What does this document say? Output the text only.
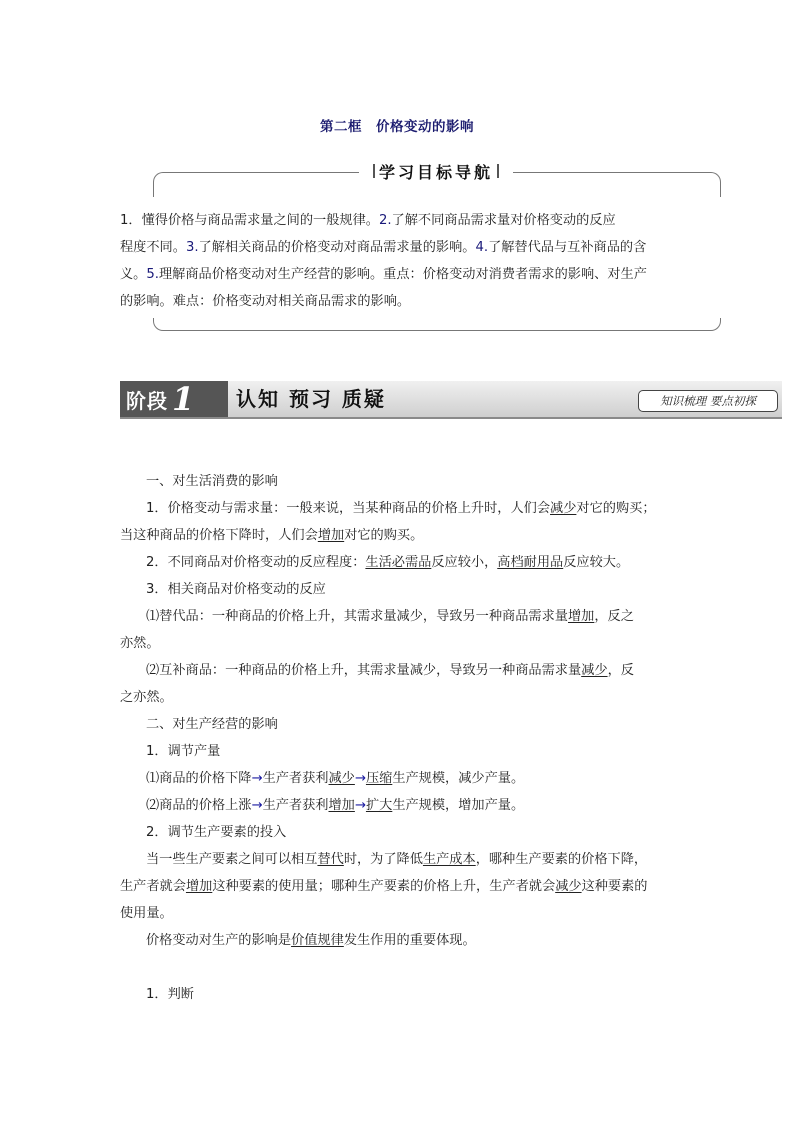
第二框　价格变动的影响
学习目标导航

1．懂得价格与商品需求量之间的一般规律。2.了解不同商品需求量对价格变动的反应

程度不同。3.了解相关商品的价格变动对商品需求量的影响。4.了解替代品与互补商品的含

义。5.理解商品价格变动对生产经营的影响。重点：价格变动对消费者需求的影响、对生产

的影响。难点：价格变动对相关商品需求的影响。

阶段 1 认知 预习 质疑	知识梳理 要点初探
一、对生活消费的影响
1．价格变动与需求量：一般来说，当某种商品的价格上升时，人们会减少对它的购买；
当这种商品的价格下降时，人们会增加对它的购买。
2．不同商品对价格变动的反应程度：生活必需品反应较小，高档耐用品反应较大。
3．相关商品对价格变动的反应
⑴替代品：一种商品的价格上升，其需求量减少，导致另一种商品需求量增加，反之
亦然。
⑵互补商品：一种商品的价格上升，其需求量减少，导致另一种商品需求量减少，反
之亦然。
二、对生产经营的影响
1．调节产量
⑴商品的价格下降→生产者获利减少→压缩生产规模，减少产量。
⑵商品的价格上涨→生产者获利增加→扩大生产规模，增加产量。
2．调节生产要素的投入
当一些生产要素之间可以相互替代时，为了降低生产成本，哪种生产要素的价格下降，
生产者就会增加这种要素的使用量；哪种生产要素的价格上升，生产者就会减少这种要素的
使用量。
价格变动对生产的影响是价值规律发生作用的重要体现。
1．判断
